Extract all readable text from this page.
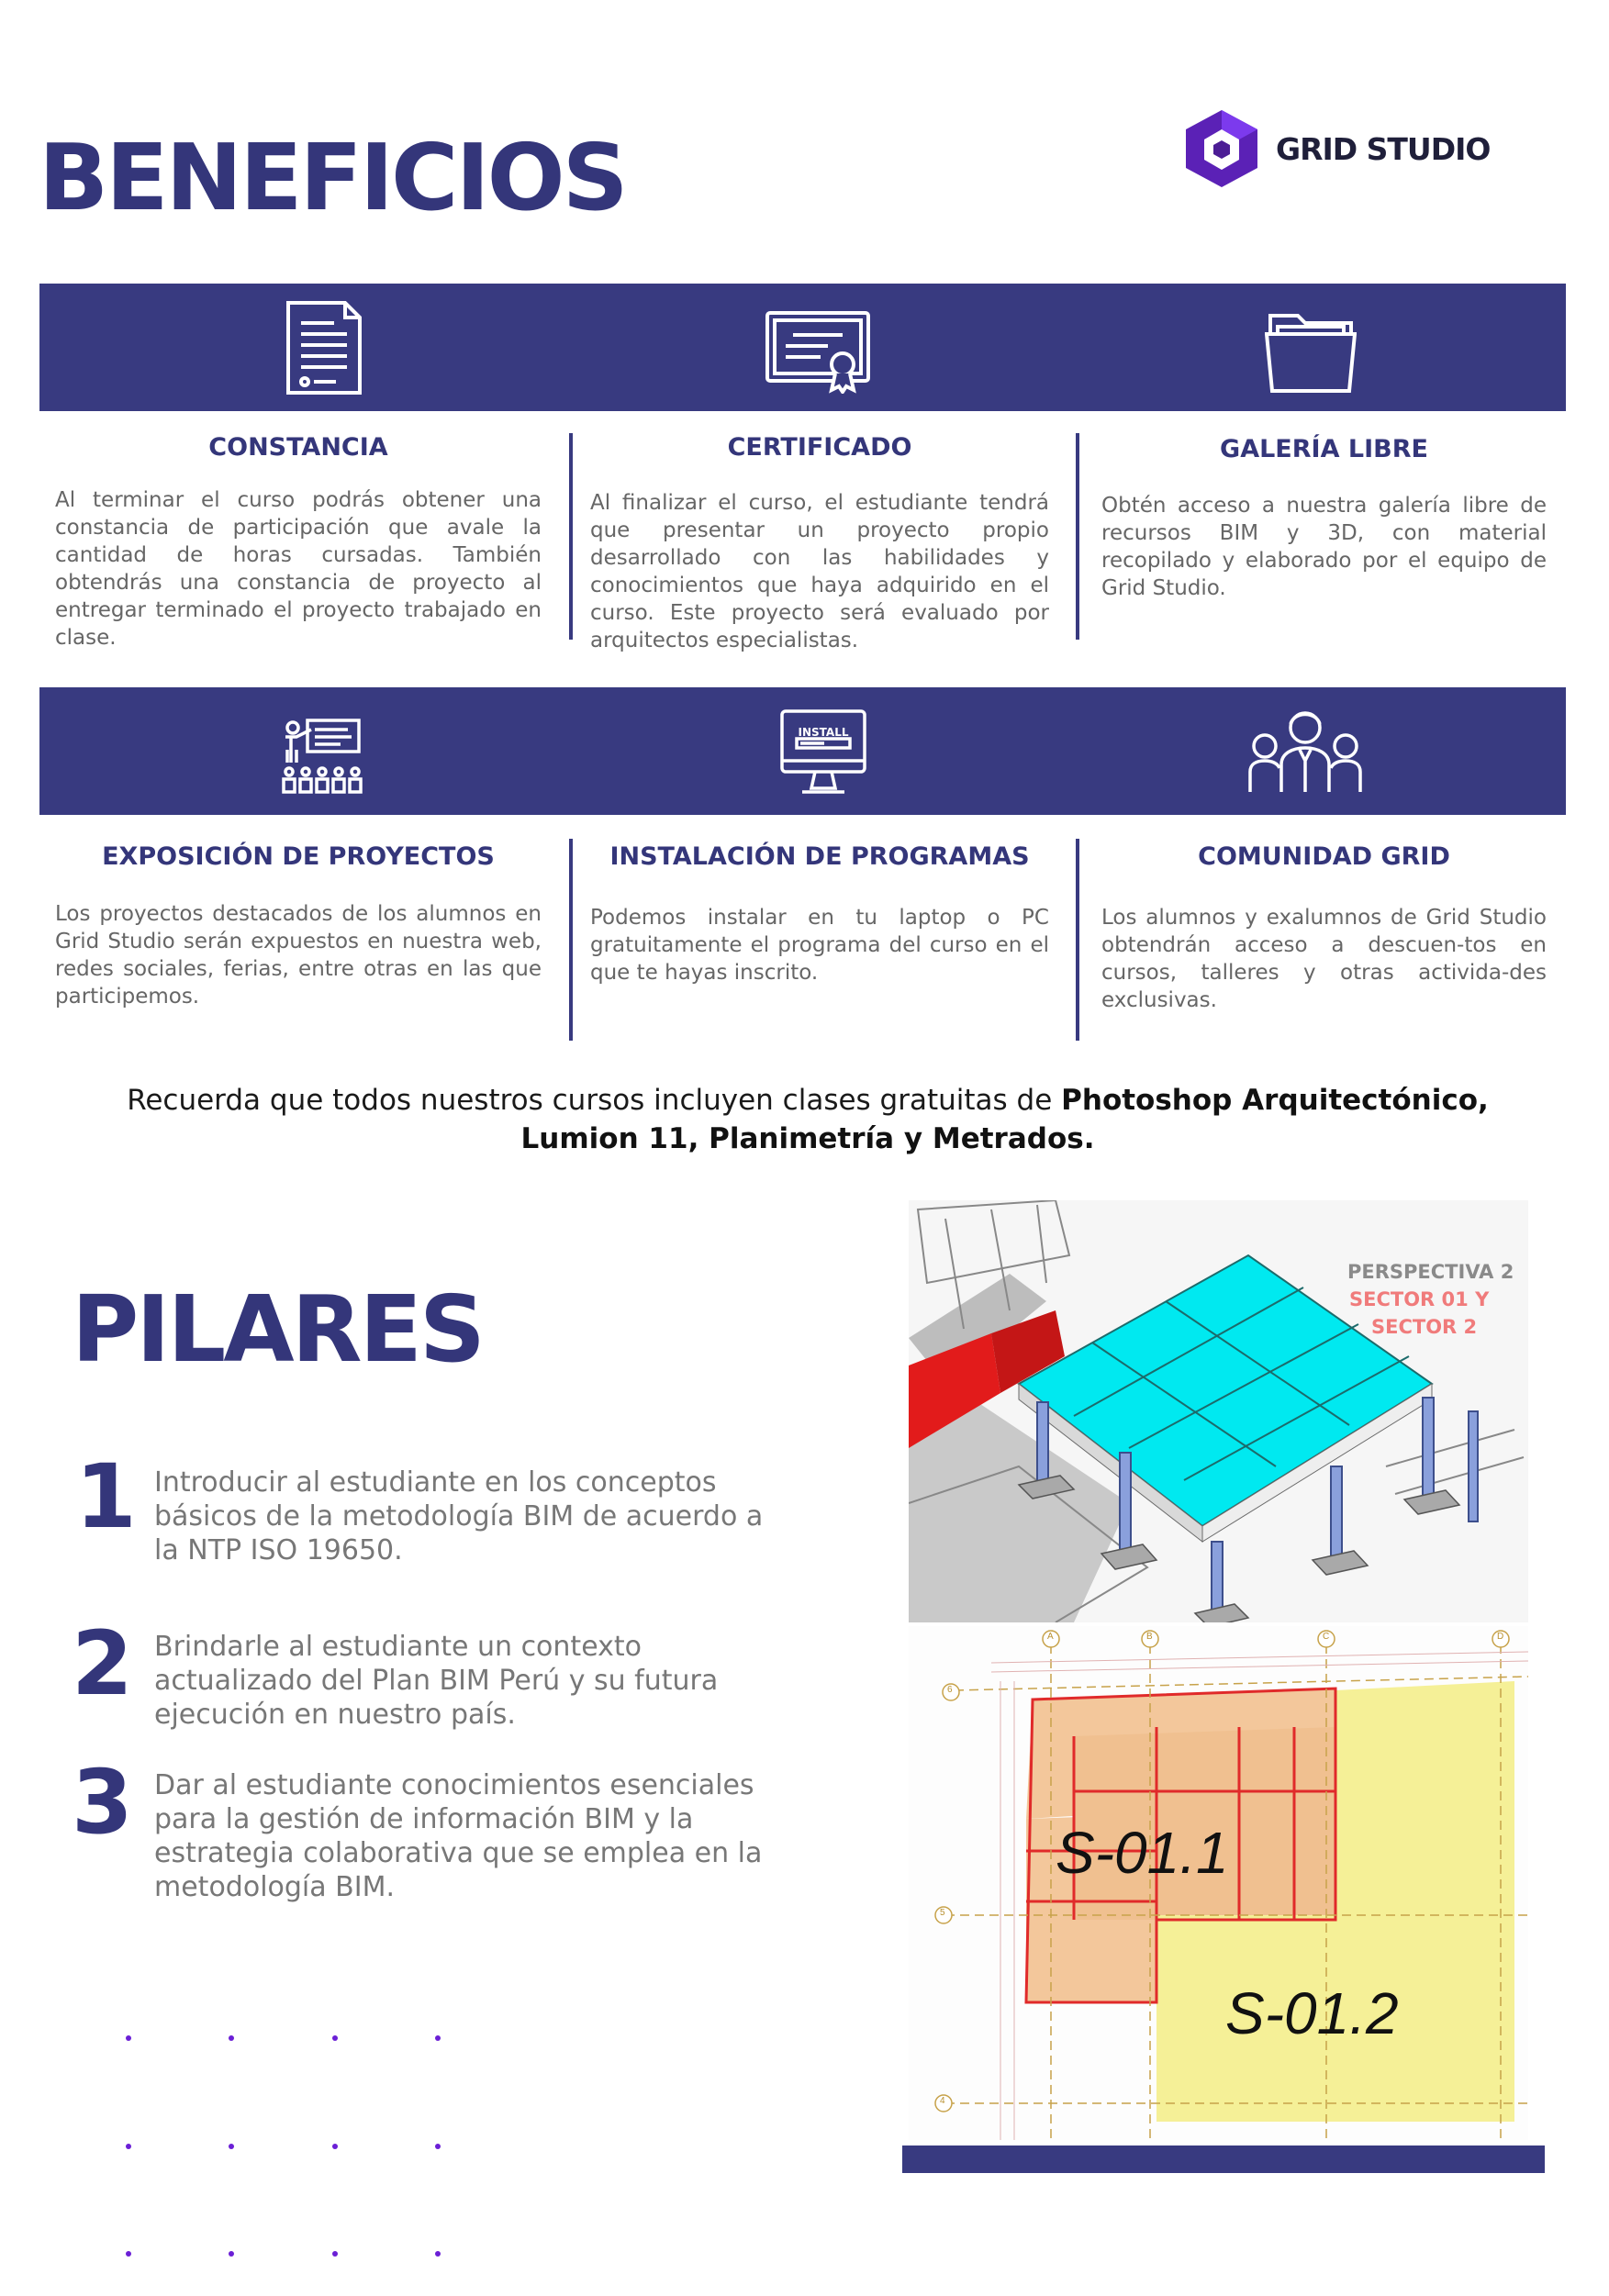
BENEFICIOS	GRID STUDIO
CONSTANCIA
Al terminar el curso podrás obtener una constancia de participación que avale la cantidad de horas cursadas. También obtendrás una constancia de proyecto al entregar terminado el proyecto trabajado en clase.
CERTIFICADO
Al finalizar el curso, el estudiante tendrá que presentar un proyecto propio desarrollado con las habilidades y conocimientos que haya adquirido en el curso. Este proyecto será evaluado por arquitectos especialistas.
GALERÍA LIBRE
Obtén acceso a nuestra galería libre de recursos BIM y 3D, con material recopilado y elaborado por el equipo de Grid Studio.
INSTALL
EXPOSICIÓN DE PROYECTOS
Los proyectos destacados de los alumnos en Grid Studio serán expuestos en nuestra web, redes sociales, ferias, entre otras en las que participemos.
INSTALACIÓN DE PROGRAMAS
Podemos instalar en tu laptop o PC gratuitamente el programa del curso en el que te hayas inscrito.
COMUNIDAD GRID
Los alumnos y exalumnos de Grid Studio obtendrán acceso a descuen-tos en cursos, talleres y otras activida-des exclusivas.
Recuerda que todos nuestros cursos incluyen clases gratuitas de Photoshop Arquitectónico,
Lumion 11, Planimetría y Metrados.
PILARES
1 Introducir al estudiante en los conceptos básicos de la metodología BIM de acuerdo a la NTP ISO 19650.
2 Brindarle al estudiante un contexto actualizado del Plan BIM Perú y su futura ejecución en nuestro país.
3 Dar al estudiante conocimientos esenciales para la gestión de información BIM y la estrategia colaborativa que se emplea en la metodología BIM.
PERSPECTIVA 2
SECTOR 01 Y
SECTOR 2
A	B	C	D
6
5
4
S-01.1
S-01.2
